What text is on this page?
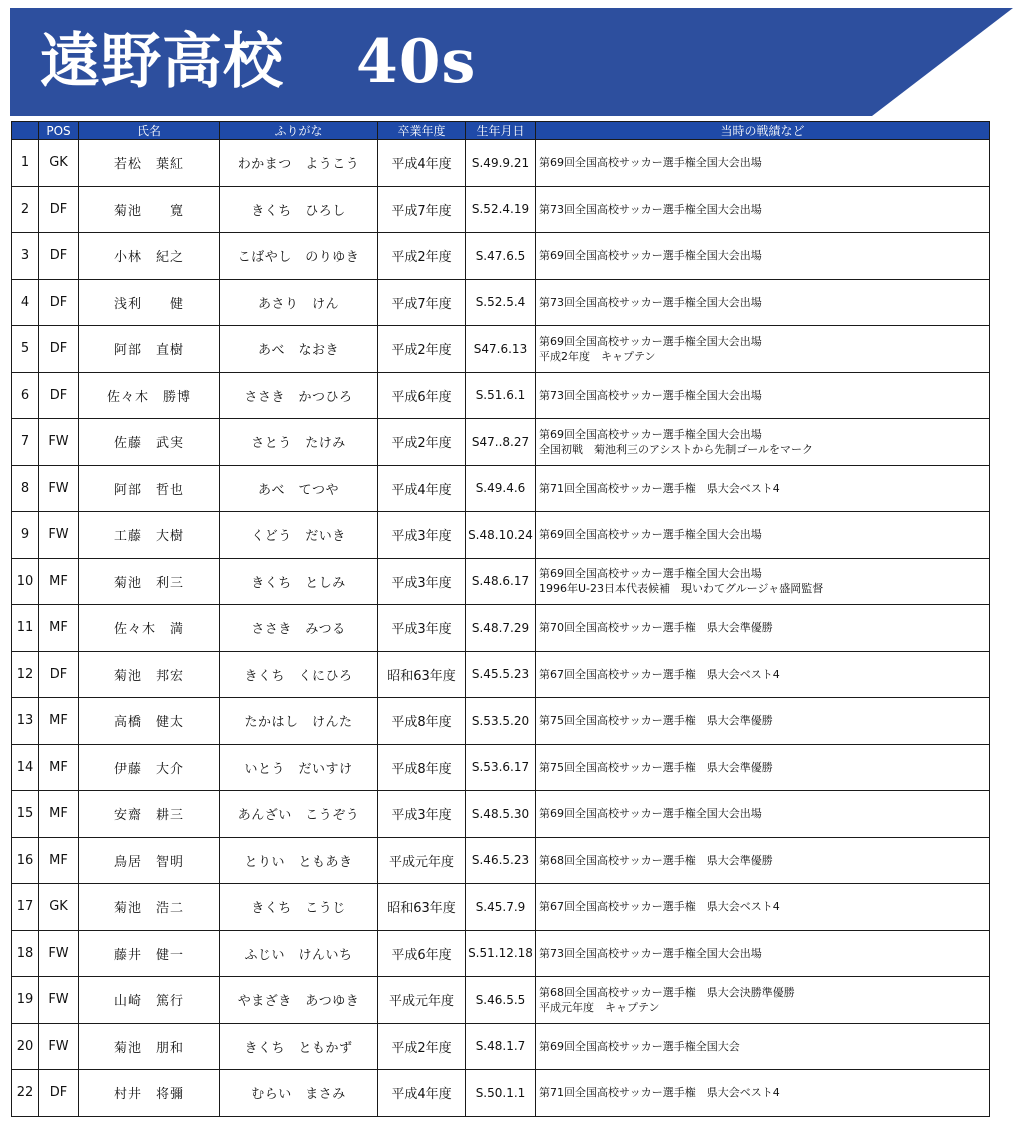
遠野高校 40s
	POS	氏名	ふりがな	卒業年度	生年月日	当時の戦績など
1	GK	若松　葉紅	わかまつ　ようこう	平成4年度	S.49.9.21	第69回全国高校サッカー選手権全国大会出場

2	DF	菊池　　寛	きくち　ひろし	平成7年度	S.52.4.19	第73回全国高校サッカー選手権全国大会出場

3	DF	小林　紀之	こばやし　のりゆき	平成2年度	S.47.6.5	第69回全国高校サッカー選手権全国大会出場

4	DF	浅利　　健	あさり　けん	平成7年度	S.52.5.4	第73回全国高校サッカー選手権全国大会出場

5	DF	阿部　直樹	あべ　なおき	平成2年度	S47.6.13	第69回全国高校サッカー選手権全国大会出場
平成2年度　キャプテン

6	DF	佐々木　勝博	ささき　かつひろ	平成6年度	S.51.6.1	第73回全国高校サッカー選手権全国大会出場

7	FW	佐藤　武実	さとう　たけみ	平成2年度	S47..8.27	第69回全国高校サッカー選手権全国大会出場
全国初戦　菊池利三のアシストから先制ゴールをマーク

8	FW	阿部　哲也	あべ　てつや	平成4年度	S.49.4.6	第71回全国高校サッカー選手権　県大会ベスト4

9	FW	工藤　大樹	くどう　だいき	平成3年度	S.48.10.24	第69回全国高校サッカー選手権全国大会出場

10	MF	菊池　利三	きくち　としみ	平成3年度	S.48.6.17	第69回全国高校サッカー選手権全国大会出場
1996年U-23日本代表候補　現いわてグルージャ盛岡監督

11	MF	佐々木　満	ささき　みつる	平成3年度	S.48.7.29	第70回全国高校サッカー選手権　県大会準優勝

12	DF	菊池　邦宏	きくち　くにひろ	昭和63年度	S.45.5.23	第67回全国高校サッカー選手権　県大会ベスト4

13	MF	高橋　健太	たかはし　けんた	平成8年度	S.53.5.20	第75回全国高校サッカー選手権　県大会準優勝

14	MF	伊藤　大介	いとう　だいすけ	平成8年度	S.53.6.17	第75回全国高校サッカー選手権　県大会準優勝

15	MF	安齋　耕三	あんざい　こうぞう	平成3年度	S.48.5.30	第69回全国高校サッカー選手権全国大会出場

16	MF	鳥居　智明	とりい　ともあき	平成元年度	S.46.5.23	第68回全国高校サッカー選手権　県大会準優勝

17	GK	菊池　浩二	きくち　こうじ	昭和63年度	S.45.7.9	第67回全国高校サッカー選手権　県大会ベスト4

18	FW	藤井　健一	ふじい　けんいち	平成6年度	S.51.12.18	第73回全国高校サッカー選手権全国大会出場

19	FW	山崎　篤行	やまざき　あつゆき	平成元年度	S.46.5.5	第68回全国高校サッカー選手権　県大会決勝準優勝
平成元年度　キャプテン

20	FW	菊池　朋和	きくち　ともかず	平成2年度	S.48.1.7	第69回全国高校サッカー選手権全国大会

22	DF	村井　将彌	むらい　まさみ	平成4年度	S.50.1.1	第71回全国高校サッカー選手権　県大会ベスト4
